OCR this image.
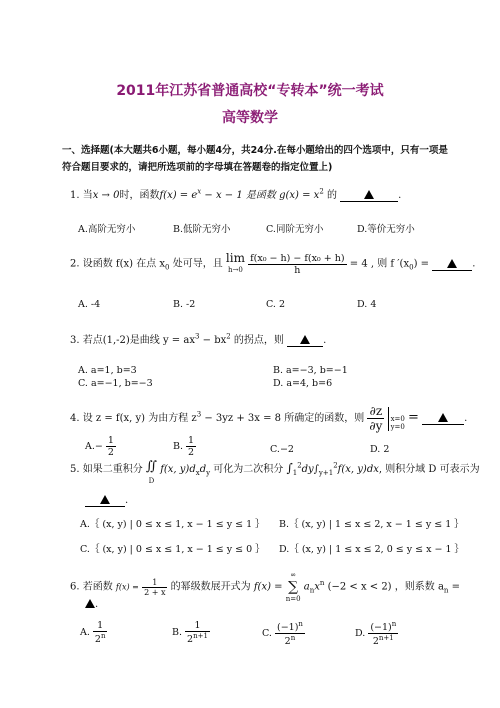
2011年江苏省普通高校“专转本”统一考试
高等数学
一、选择题(本大题共6小题，每小题4分，共24分.在每小题给出的四个选项中，只有一项是
符合题目要求的，请把所选项前的字母填在答题卷的指定位置上)
1. 当x → 0时，函数$f(x) = e^x - x - 1$ 是函数 $g(x) = x^2$ 的	.
A.高阶无穷小	B.低阶无穷小	C.同阶无穷小	D.等价无穷小
2. 设函数 f(x) 在点 $x_0$ 处可导，且 lim
h→0
$\frac{\text{f(x₀ − h) − f(x₀ + h)}}{h} = 4$ , 则 f $'(x_0)$ =	.
A. -4	B. -2	C. 2	D. 4
3. 若点(1,-2)是曲线 $y = ax^3 - bx^2$ 的拐点，则	.
A. a=1, b=3	B. a=−3, b=−1
C. a=−1, b=−3	D. a=4, b=6
4. 设 z = f(x, y) 为由方程 $z^3 - 3yz + 3x = 8$ 所确定的函数，则 $\frac{\partial z}{\partial y}$

x=0
y=0
=	.
$A.- \frac{1}{2}$	B. $\frac{1}{2}$	C.−2	D. 2
5. 如果二重积分 ∬
D
f(x, $y)d_xd_y$ 可化为二次积分 $\int_1^2dy\int_{y+1}^2f(x$, y)dx, 则积分域 D 可表示为
.
A.｛ (x, y) | 0 ≤ x ≤ 1, x − 1 ≤ y ≤ 1 ｝ B.｛ (x, y) | 1 ≤ x ≤ 2, x − 1 ≤ y ≤ 1 ｝
C.｛ (x, y) | 0 ≤ x ≤ 1, x − 1 ≤ y ≤ 0 ｝ D.｛ (x, y) | 1 ≤ x ≤ 2, 0 ≤ y ≤ x − 1 ｝
6. 若函数 $f(x) = \frac{1}{2 + x}$ 的幂级数展开式为 f(x) =
∞
∑
n=0
$a_nx^n$ (−2 < x < 2) ，则系数 $a_n$ =
.
A. $\frac{1}{2^n}$	B. $\frac{1}{2^{n+1}}$	C. $\frac{(-1)^n}{2^n}$	D. $\frac{(-1)^n}{2^{n+1}}$
